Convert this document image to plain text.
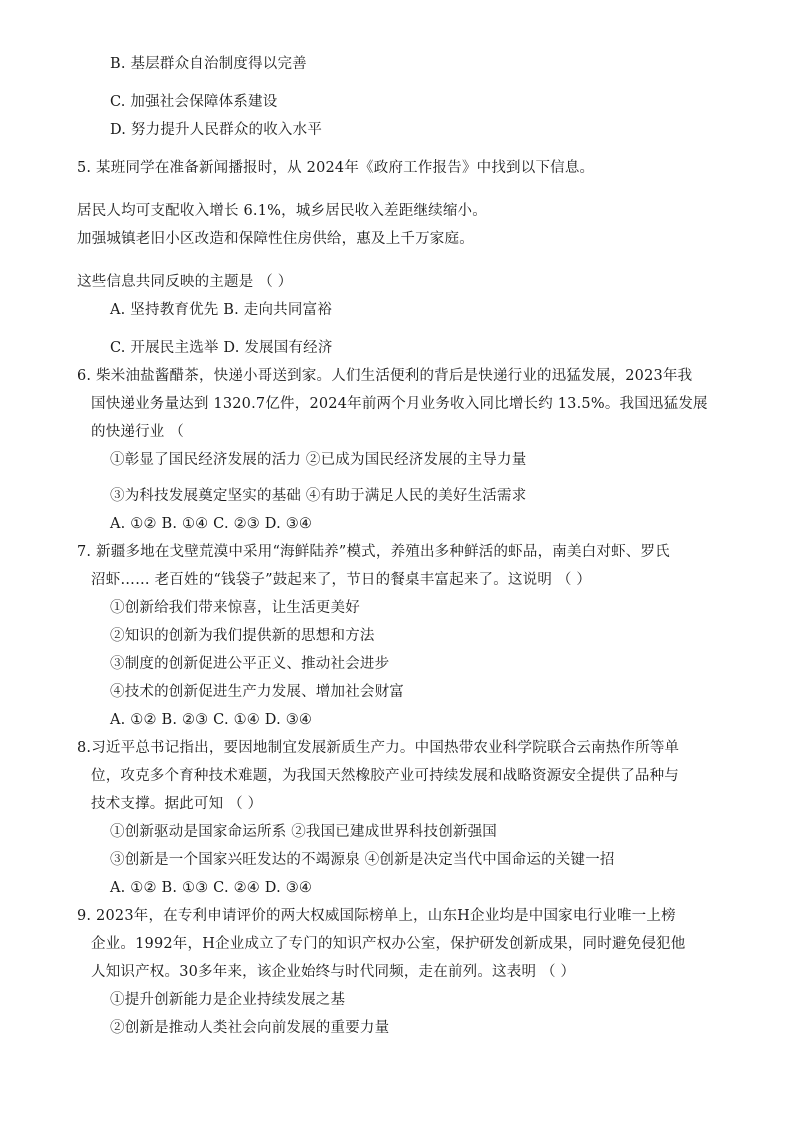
B. 基层群众自治制度得以完善
C. 加强社会保障体系建设
D. 努力提升人民群众的收入水平
5. 某班同学在准备新闻播报时，从 2024年《政府工作报告》中找到以下信息。
居民人均可支配收入增长 6.1%，城乡居民收入差距继续缩小。
加强城镇老旧小区改造和保障性住房供给，惠及上千万家庭。
这些信息共同反映的主题是 （ ）
A. 坚持教育优先 B. 走向共同富裕
C. 开展民主选举 D. 发展国有经济
6. 柴米油盐酱醋茶，快递小哥送到家。人们生活便利的背后是快递行业的迅猛发展，2023年我
国快递业务量达到 1320.7亿件，2024年前两个月业务收入同比增长约 13.5%。我国迅猛发展
的快递行业 （
①彰显了国民经济发展的活力 ②已成为国民经济发展的主导力量
③为科技发展奠定坚实的基础 ④有助于满足人民的美好生活需求
A. ①② B. ①④ C. ②③ D. ③④
7. 新疆多地在戈壁荒漠中采用“海鲜陆养”模式，养殖出多种鲜活的虾品，南美白对虾、罗氏
沼虾…… 老百姓的“钱袋子”鼓起来了，节日的餐桌丰富起来了。这说明 （ ）
①创新给我们带来惊喜，让生活更美好
②知识的创新为我们提供新的思想和方法
③制度的创新促进公平正义、推动社会进步
④技术的创新促进生产力发展、增加社会财富
A. ①② B. ②③ C. ①④ D. ③④
8.习近平总书记指出，要因地制宜发展新质生产力。中国热带农业科学院联合云南热作所等单
位，攻克多个育种技术难题，为我国天然橡胶产业可持续发展和战略资源安全提供了品种与
技术支撑。据此可知 （ ）
①创新驱动是国家命运所系 ②我国已建成世界科技创新强国
③创新是一个国家兴旺发达的不竭源泉 ④创新是决定当代中国命运的关键一招
A. ①② B. ①③ C. ②④ D. ③④
9. 2023年，在专利申请评价的两大权威国际榜单上，山东H企业均是中国家电行业唯一上榜
企业。1992年，H企业成立了专门的知识产权办公室，保护研发创新成果，同时避免侵犯他
人知识产权。30多年来，该企业始终与时代同频，走在前列。这表明 （ ）
①提升创新能力是企业持续发展之基
②创新是推动人类社会向前发展的重要力量
